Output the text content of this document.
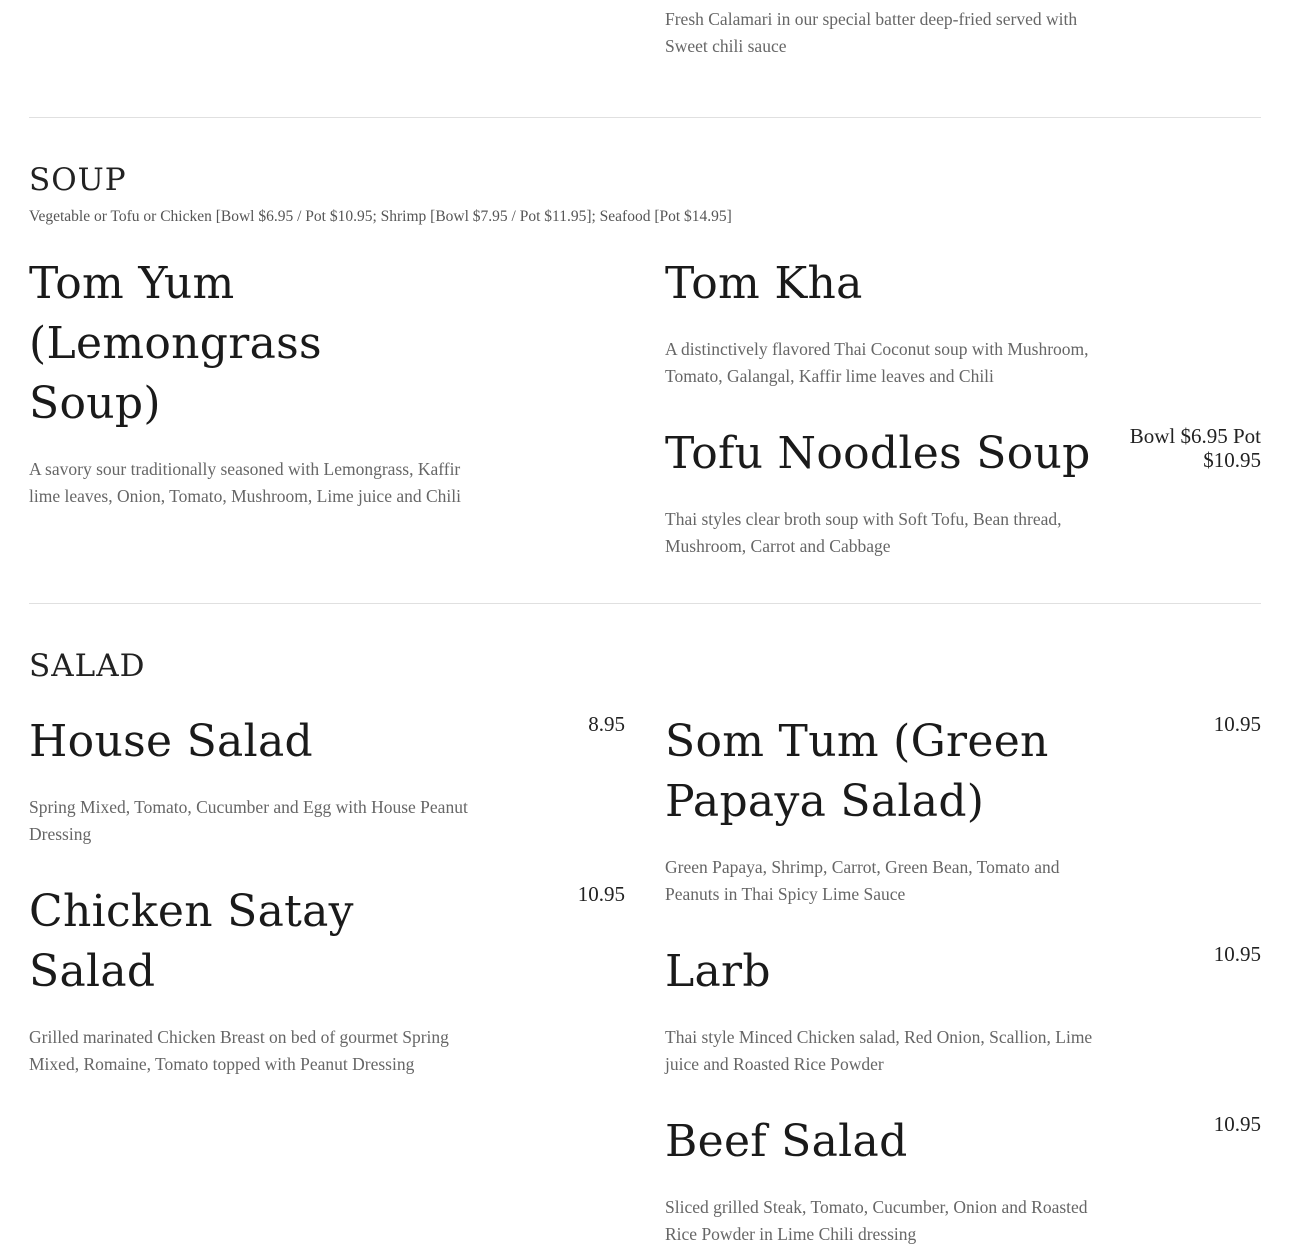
Fresh Calamari in our special batter deep-fried served with Sweet chili sauce

SOUP

Vegetable or Tofu or Chicken [Bowl $6.95 / Pot $10.95; Shrimp [Bowl $7.95 / Pot $11.95]; Seafood [Pot $14.95]

Tom Yum (Lemongrass Soup)

A savory sour traditionally seasoned with Lemongrass, Kaffir lime leaves, Onion, Tomato, Mushroom, Lime juice and Chili

Tom Kha

A distinctively flavored Thai Coconut soup with Mushroom, Tomato, Galangal, Kaffir lime leaves and Chili

Tofu Noodles Soup	Bowl $6.95 Pot $10.95

Thai styles clear broth soup with Soft Tofu, Bean thread, Mushroom, Carrot and Cabbage

SALAD
House Salad	8.95

Spring Mixed, Tomato, Cucumber and Egg with House Peanut Dressing

Chicken Satay Salad
10.95

Grilled marinated Chicken Breast on bed of gourmet Spring Mixed, Romaine, Tomato topped with Peanut Dressing

Som Tum (Green Papaya Salad)
10.95

Green Papaya, Shrimp, Carrot, Green Bean, Tomato and Peanuts in Thai Spicy Lime Sauce

Larb	10.95

Thai style Minced Chicken salad, Red Onion, Scallion, Lime juice and Roasted Rice Powder

Beef Salad	10.95

Sliced grilled Steak, Tomato, Cucumber, Onion and Roasted Rice Powder in Lime Chili dressing
